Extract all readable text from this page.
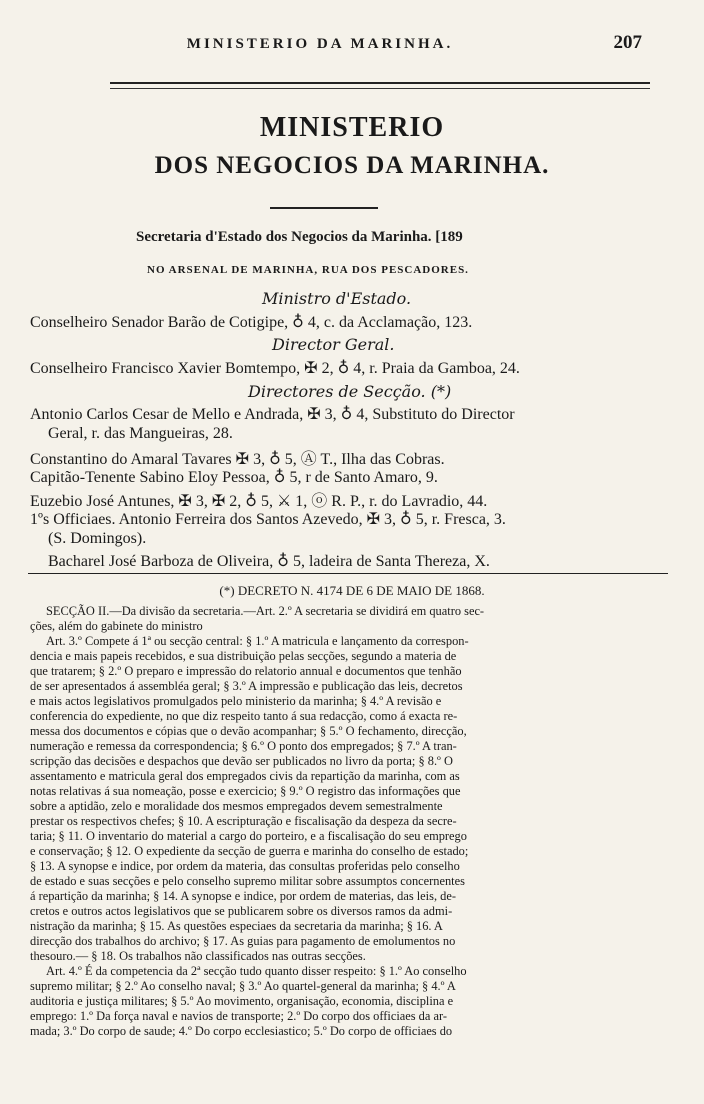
MINISTERIO DA MARINHA.	207
MINISTERIO
DOS NEGOCIOS DA MARINHA.
Secretaria d'Estado dos Negocios da Marinha. [189
NO ARSENAL DE MARINHA, RUA DOS PESCADORES.
Ministro d'Estado.
Conselheiro Senador Barão de Cotigipe, ♁ 4, c. da Acclamação, 123.
Director Geral.
Conselheiro Francisco Xavier Bomtempo, ✠ 2, ♁ 4, r. Praia da Gamboa, 24.
Directores de Secção. (*)
Antonio Carlos Cesar de Mello e Andrada, ✠ 3, ♁ 4, Substituto do Director
Geral, r. das Mangueiras, 28.
Constantino do Amaral Tavares ✠ 3, ♁ 5, Ⓐ T., Ilha das Cobras.
Capitão-Tenente Sabino Eloy Pessoa, ♁ 5, r de Santo Amaro, 9.
Euzebio José Antunes, ✠ 3, ✠ 2, ♁ 5, ⚔ 1, ⓞ R. P., r. do Lavradio, 44.
1ºs Officiaes. Antonio Ferreira dos Santos Azevedo, ✠ 3, ♁ 5, r. Fresca, 3.
(S. Domingos).
Bacharel José Barboza de Oliveira, ♁ 5, ladeira de Santa Thereza, X.
(*) DECRETO N. 4174 DE 6 DE MAIO DE 1868.
SECÇÃO II.—Da divisão da secretaria.—Art. 2.º A secretaria se dividirá em quatro sec-
ções, além do gabinete do ministro
Art. 3.º Compete á 1ª ou secção central: § 1.º A matricula e lançamento da correspon-
dencia e mais papeis recebidos, e sua distribuição pelas secções, segundo a materia de
que tratarem; § 2.º O preparo e impressão do relatorio annual e documentos que tenhão
de ser apresentados á assembléa geral; § 3.º A impressão e publicação das leis, decretos
e mais actos legislativos promulgados pelo ministerio da marinha; § 4.º A revisão e
conferencia do expediente, no que diz respeito tanto á sua redacção, como á exacta re-
messa dos documentos e cópias que o devão acompanhar; § 5.º O fechamento, direcção,
numeração e remessa da correspondencia; § 6.º O ponto dos empregados; § 7.º A tran-
scripção das decisões e despachos que devão ser publicados no livro da porta; § 8.º O
assentamento e matricula geral dos empregados civis da repartição da marinha, com as
notas relativas á sua nomeação, posse e exercicio; § 9.º O registro das informações que
sobre a aptidão, zelo e moralidade dos mesmos empregados devem semestralmente
prestar os respectivos chefes; § 10. A escripturação e fiscalisação da despeza da secre-
taria; § 11. O inventario do material a cargo do porteiro, e a fiscalisação do seu emprego
e conservação; § 12. O expediente da secção de guerra e marinha do conselho de estado;
§ 13. A synopse e indice, por ordem da materia, das consultas proferidas pelo conselho
de estado e suas secções e pelo conselho supremo militar sobre assumptos concernentes
á repartição da marinha; § 14. A synopse e indice, por ordem de materias, das leis, de-
cretos e outros actos legislativos que se publicarem sobre os diversos ramos da admi-
nistração da marinha; § 15. As questões especiaes da secretaria da marinha; § 16. A
direcção dos trabalhos do archivo; § 17. As guias para pagamento de emolumentos no
thesouro.— § 18. Os trabalhos não classificados nas outras secções.
Art. 4.º É da competencia da 2ª secção tudo quanto disser respeito: § 1.º Ao conselho
supremo militar; § 2.º Ao conselho naval; § 3.º Ao quartel-general da marinha; § 4.º A
auditoria e justiça militares; § 5.º Ao movimento, organisação, economia, disciplina e
emprego: 1.º Da força naval e navios de transporte; 2.º Do corpo dos officiaes da ar-
mada; 3.º Do corpo de saude; 4.º Do corpo ecclesiastico; 5.º Do corpo de officiaes do
